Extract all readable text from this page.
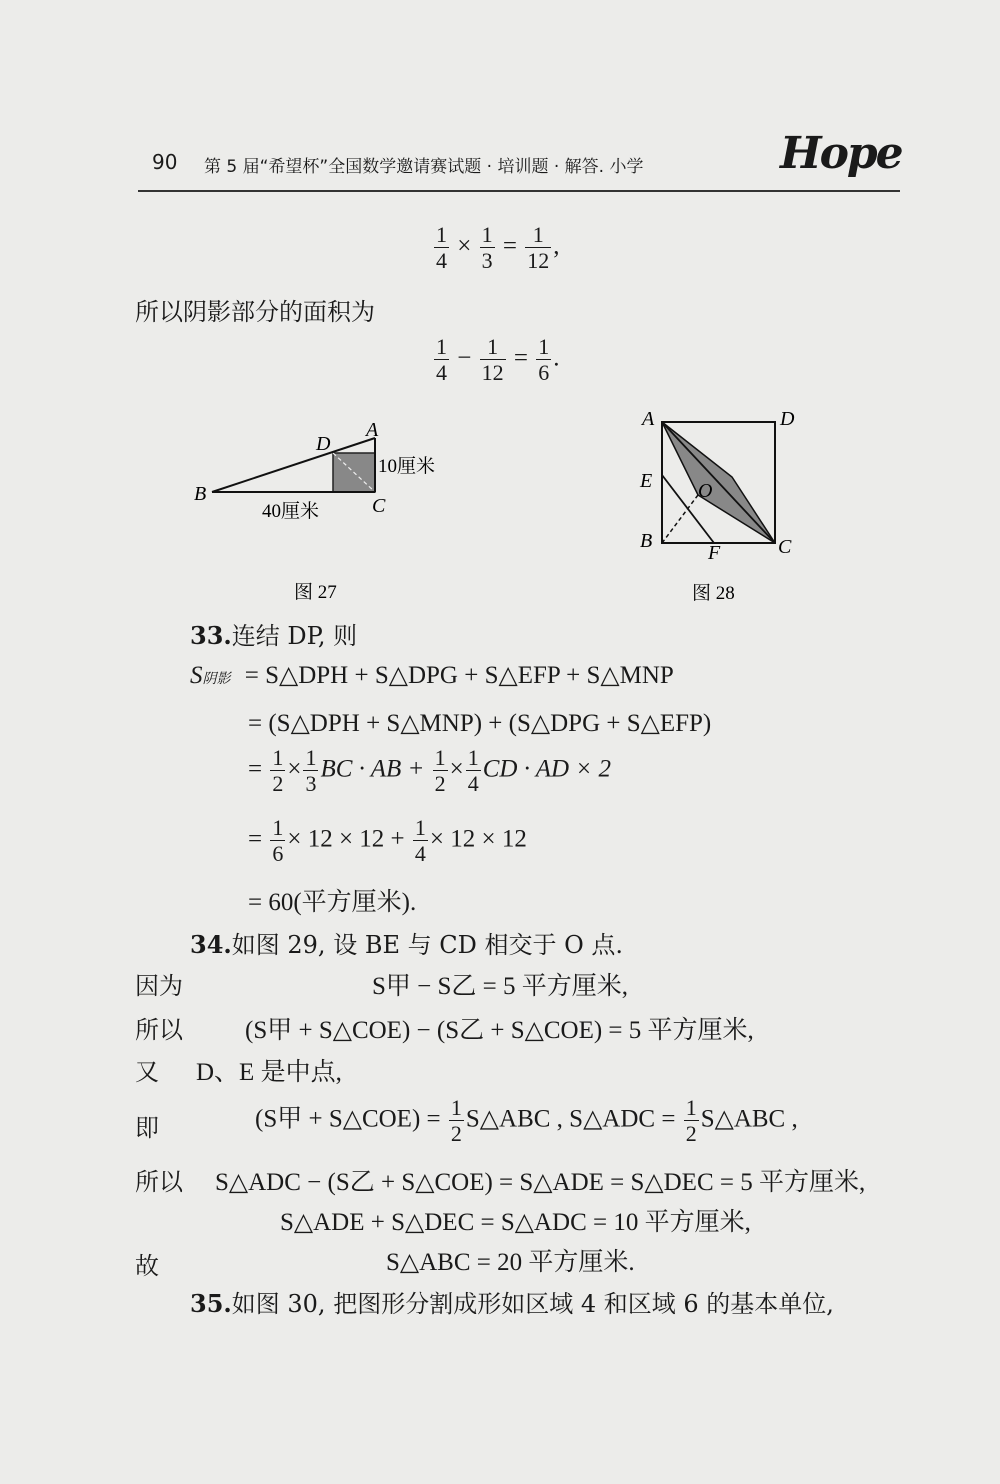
90 第 5 届“希望杯”全国数学邀请赛试题 · 培训题 · 解答. 小学	Hope
$\frac{1}{4} \times \frac{1}{3} = \frac{1}{12}$ ,
所以阴影部分的面积为
$\frac{1}{4} - \frac{1}{12} = \frac{1}{6}$ .
A
B
C
D
10厘米
40厘米
图 27
A	D
E O
B
F	C
图 28
33.连结 DP, 则
S阴影 = S△DPH + S△DPG + S△EFP + S△MNP
= (S△DPH + S△MNP) + (S△DPG + S△EFP)
= $\frac{1}{2} \times \frac{1}{3}$ BC · AB + $\frac{1}{2} \times \frac{1}{4}$ CD · AD × 2
= $\frac{1}{6} \times 12 \times 12 + \frac{1}{4} \times 12 \times 12$
= 60(平方厘米).
34.如图 29, 设 BE 与 CD 相交于 O 点.
因为	S甲 − S乙 = 5 平方厘米,
所以 (S甲 + S△COE) − (S乙 + S△COE) = 5 平方厘米,
又 D、E 是中点,
即	(S甲 + S△COE) = $\frac{1}{2}$ S△ABC , S△ADC = $\frac{1}{2}$ S△ABC ,
所以 S△ADC − (S乙 + S△COE) = S△ADE = S△DEC = 5 平方厘米,
S△ADE + S△DEC = S△ADC = 10 平方厘米,
故	S△ABC = 20 平方厘米.
35.如图 30, 把图形分割成形如区域 4 和区域 6 的基本单位,
